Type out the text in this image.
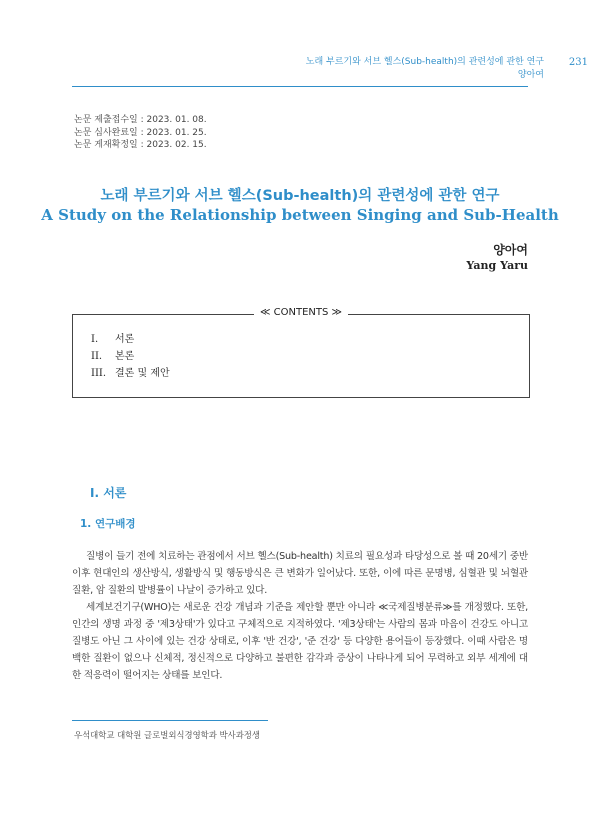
노래 부르기와 서브 헬스(Sub-health)의 관련성에 관한 연구
양아여
231
논문 제출접수일 : 2023. 01. 08.
논문 심사완료일 : 2023. 01. 25.
논문 게재확정일 : 2023. 02. 15.
노래 부르기와 서브 헬스(Sub-health)의 관련성에 관한 연구
A Study on the Relationship between Singing and Sub-Health
양아여
Yang Yaru
≪ CONTENTS ≫
I.	서론
II.	본론
III. 결론 및 제안
I. 서론
1. 연구배경

질병이 들기 전에 치료하는 관점에서 서브 헬스(Sub-health) 치료의 필요성과 타당성으로 볼 때 20세기 중반 이후 현대인의 생산방식, 생활방식 및 행동방식은 큰 변화가 일어났다. 또한, 이에 따른 문명병, 심혈관 및 뇌혈관 질환, 암 질환의 발병률이 나날이 증가하고 있다.

세계보건기구(WHO)는 새로운 건강 개념과 기준을 제안할 뿐만 아니라 ≪국제질병분류≫를 개정했다. 또한, 인간의 생명 과정 중 '제3상태'가 있다고 구체적으로 지적하였다. '제3상태'는 사람의 몸과 마음이 건강도 아니고 질병도 아닌 그 사이에 있는 건강 상태로, 이후 '반 건강', '준 건강' 등 다양한 용어들이 등장했다. 이때 사람은 명백한 질환이 없으나 신체적, 정신적으로 다양하고 불편한 감각과 증상이 나타나게 되어 무력하고 외부 세계에 대한 적응력이 떨어지는 상태를 보인다.

우석대학교 대학원 글로벌외식경영학과 박사과정생
